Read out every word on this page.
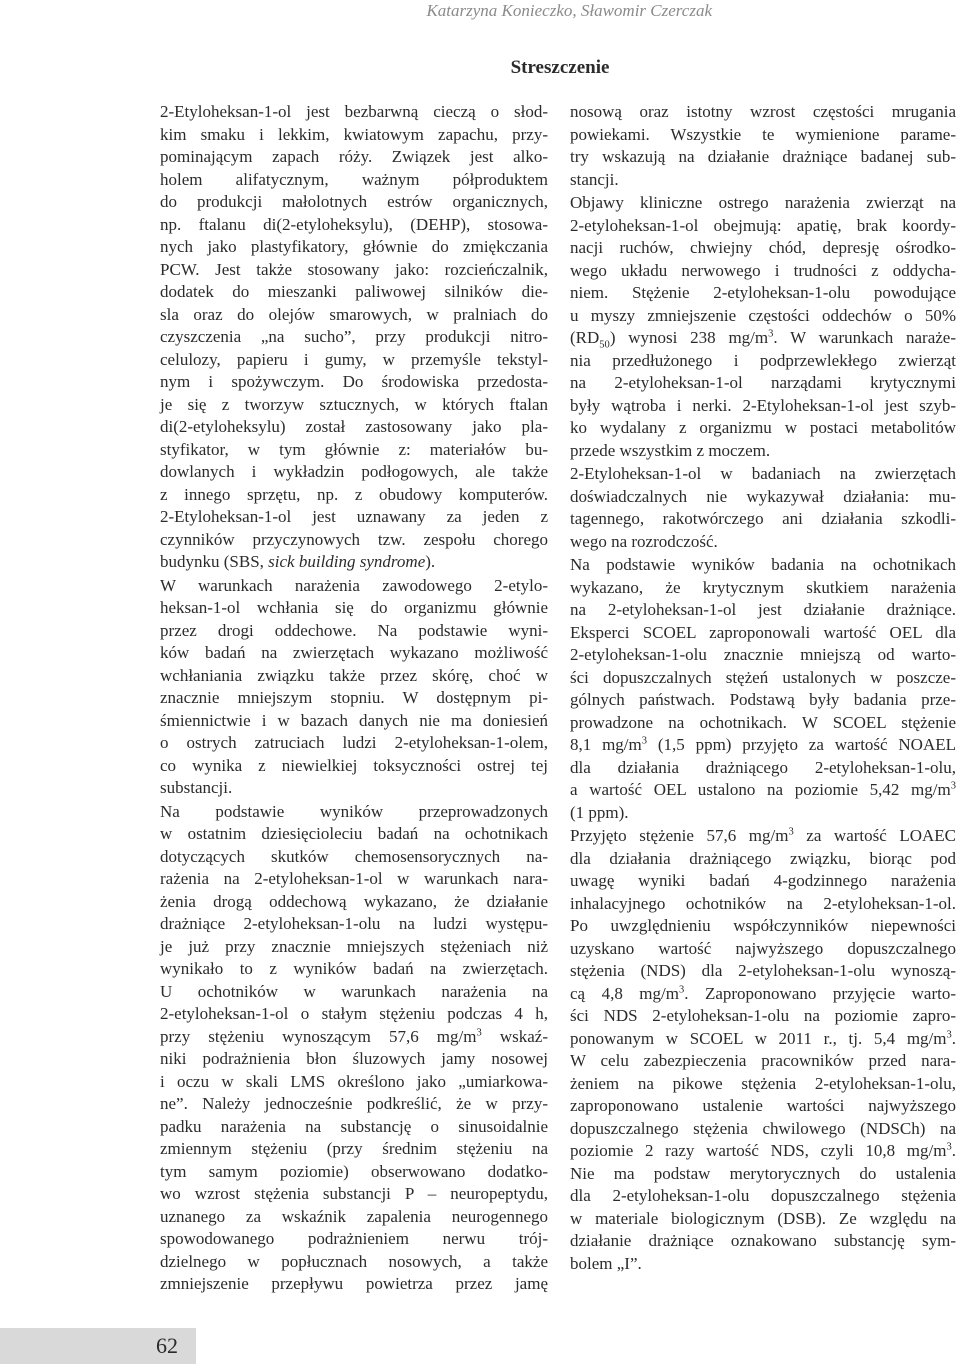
Katarzyna Konieczko, Sławomir Czerczak
Streszczenie
2-Etyloheksan-1-ol jest bezbarwną cieczą o słod-
kim smaku i lekkim, kwiatowym zapachu, przy-
pominającym zapach róży. Związek jest alko-
holem alifatycznym, ważnym półproduktem
do produkcji małolotnych estrów organicznych,
np. ftalanu di(2-etyloheksylu), (DEHP), stosowa-
nych jako plastyfikatory, głównie do zmiękczania
PCW. Jest także stosowany jako: rozcieńczalnik,
dodatek do mieszanki paliwowej silników die-
sla oraz do olejów smarowych, w pralniach do
czyszczenia „na sucho”, przy produkcji nitro-
celulozy, papieru i gumy, w przemyśle tekstyl-
nym i spożywczym. Do środowiska przedosta-
je się z tworzyw sztucznych, w których ftalan
di(2-etyloheksylu) został zastosowany jako pla-
styfikator, w tym głównie z: materiałów bu-
dowlanych i wykładzin podłogowych, ale także
z innego sprzętu, np. z obudowy komputerów.
2-Etyloheksan-1-ol jest uznawany za jeden z
czynników przyczynowych tzw. zespołu chorego
budynku (SBS, sick building syndrome).
W warunkach narażenia zawodowego 2-etylo-
heksan-1-ol wchłania się do organizmu głównie
przez drogi oddechowe. Na podstawie wyni-
ków badań na zwierzętach wykazano możliwość
wchłaniania związku także przez skórę, choć w
znacznie mniejszym stopniu. W dostępnym pi-
śmiennictwie i w bazach danych nie ma doniesień
o ostrych zatruciach ludzi 2-etyloheksan-1-olem,
co wynika z niewielkiej toksyczności ostrej tej
substancji.
Na podstawie wyników przeprowadzonych
w ostatnim dziesięcioleciu badań na ochotnikach
dotyczących skutków chemosensorycznych na-
rażenia na 2-etyloheksan-1-ol w warunkach nara-
żenia drogą oddechową wykazano, że działanie
drażniące 2-etyloheksan-1-olu na ludzi występu-
je już przy znacznie mniejszych stężeniach niż
wynikało to z wyników badań na zwierzętach.
U ochotników w warunkach narażenia na
2-etyloheksan-1-ol o stałym stężeniu podczas 4 h,
przy stężeniu wynoszącym 57,6 $mg/m^3$ wskaź-
niki podrażnienia błon śluzowych jamy nosowej
i oczu w skali LMS określono jako „umiarkowa-
ne”. Należy jednocześnie podkreślić, że w przy-
padku narażenia na substancję o sinusoidalnie
zmiennym stężeniu (przy średnim stężeniu na
tym samym poziomie) obserwowano dodatko-
wo wzrost stężenia substancji P – neuropeptydu,
uznanego za wskaźnik zapalenia neurogennego
spowodowanego podrażnieniem nerwu trój-
dzielnego w popłucznach nosowych, a także
zmniejszenie przepływu powietrza przez jamę
nosową oraz istotny wzrost częstości mrugania
powiekami. Wszystkie te wymienione parame-
try wskazują na działanie drażniące badanej sub-
stancji.
Objawy kliniczne ostrego narażenia zwierząt na
2-etyloheksan-1-ol obejmują: apatię, brak koordy-
nacji ruchów, chwiejny chód, depresję ośrodko-
wego układu nerwowego i trudności z oddycha-
niem. Stężenie 2-etyloheksan-1-olu powodujące
u myszy zmniejszenie częstości oddechów o 50%
$(RD_{50})$ wynosi 238 $mg/m^3$. W warunkach naraże-
nia przedłużonego i podprzewlekłego zwierząt
na 2-etyloheksan-1-ol narządami krytycznymi
były wątroba i nerki. 2-Etyloheksan-1-ol jest szyb-
ko wydalany z organizmu w postaci metabolitów
przede wszystkim z moczem.
2-Etyloheksan-1-ol w badaniach na zwierzętach
doświadczalnych nie wykazywał działania: mu-
tagennego, rakotwórczego ani działania szkodli-
wego na rozrodczość.
Na podstawie wyników badania na ochotnikach
wykazano, że krytycznym skutkiem narażenia
na 2-etyloheksan-1-ol jest działanie drażniące.
Eksperci SCOEL zaproponowali wartość OEL dla
2-etyloheksan-1-olu znacznie mniejszą od warto-
ści dopuszczalnych stężeń ustalonych w poszcze-
gólnych państwach. Podstawą były badania prze-
prowadzone na ochotnikach. W SCOEL stężenie
8,1 $mg/m^3$ (1,5 ppm) przyjęto za wartość NOAEL
dla działania drażniącego 2-etyloheksan-1-olu,
a wartość OEL ustalono na poziomie 5,42 $mg/m^3$
(1 ppm).
Przyjęto stężenie 57,6 $mg/m^3$ za wartość LOAEC
dla działania drażniącego związku, biorąc pod
uwagę wyniki badań 4-godzinnego narażenia
inhalacyjnego ochotników na 2-etyloheksan-1-ol.
Po uwzględnieniu współczynników niepewności
uzyskano wartość najwyższego dopuszczalnego
stężenia (NDS) dla 2-etyloheksan-1-olu wynoszą-
cą 4,8 $mg/m^3$. Zaproponowano przyjęcie warto-
ści NDS 2-etyloheksan-1-olu na poziomie zapro-
ponowanym w SCOEL w 2011 r., tj. 5,4 $mg/m^3$.
W celu zabezpieczenia pracowników przed nara-
żeniem na pikowe stężenia 2-etyloheksan-1-olu,
zaproponowano ustalenie wartości najwyższego
dopuszczalnego stężenia chwilowego (NDSCh) na
poziomie 2 razy wartość NDS, czyli 10,8 $mg/m^3$.
Nie ma podstaw merytorycznych do ustalenia
dla 2-etyloheksan-1-olu dopuszczalnego stężenia
w materiale biologicznym (DSB). Ze względu na
działanie drażniące oznakowano substancję sym-
bolem „I”.
62
